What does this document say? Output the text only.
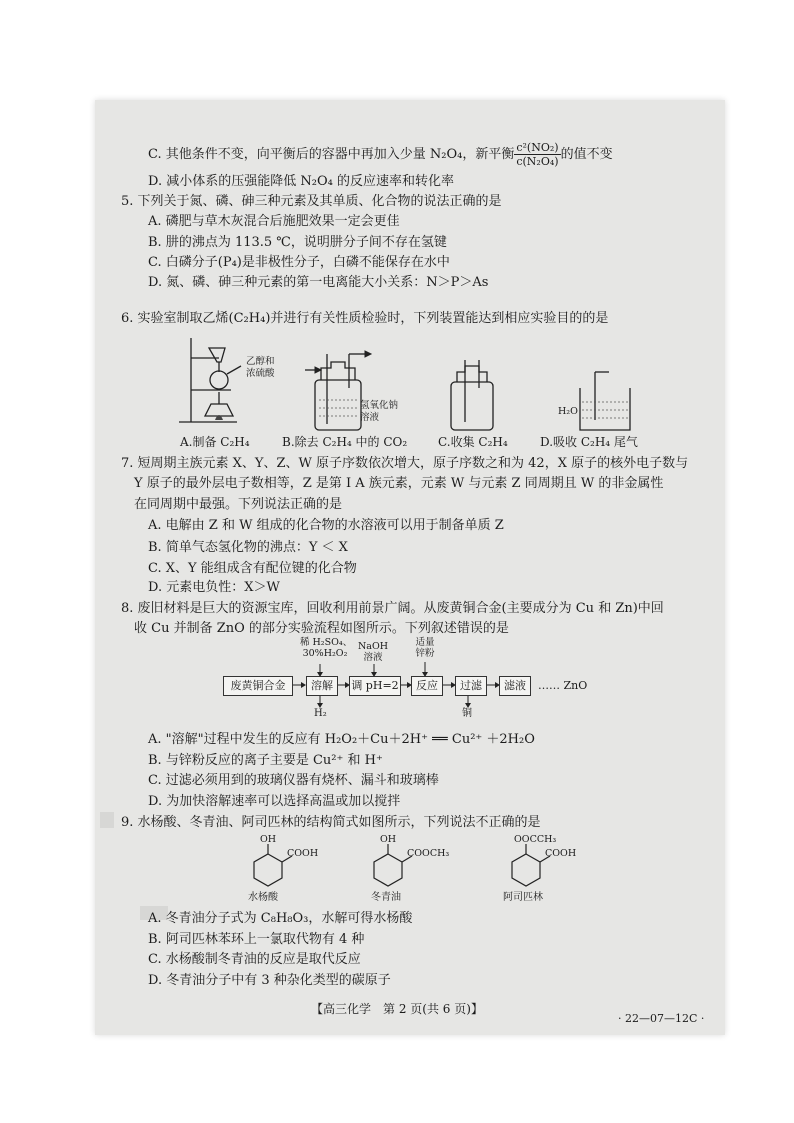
C. 其他条件不变，向平衡后的容器中再加入少量 N₂O₄，新平衡 $\frac{\text{c²(NO₂)}}{\text{c(N₂O₄)}}$ 的值不变
D. 减小体系的压强能降低 N₂O₄ 的反应速率和转化率
5. 下列关于氮、磷、砷三种元素及其单质、化合物的说法正确的是
A. 磷肥与草木灰混合后施肥效果一定会更佳
B. 肼的沸点为 113.5 ℃，说明肼分子间不存在氢键
C. 白磷分子(P₄)是非极性分子，白磷不能保存在水中
D. 氮、磷、砷三种元素的第一电离能大小关系：N＞P＞As
6. 实验室制取乙烯(C₂H₄)并进行有关性质检验时，下列装置能达到相应实验目的的是
乙醇和
浓硫酸
氢氧化钠
溶液
H₂O
A.制备 C₂H₄	B.除去 C₂H₄ 中的 CO₂	C.收集 C₂H₄	D.吸收 C₂H₄ 尾气
7. 短周期主族元素 X、Y、Z、W 原子序数依次增大，原子序数之和为 42，X 原子的核外电子数与
Y 原子的最外层电子数相等，Z 是第 Ⅰ A 族元素，元素 W 与元素 Z 同周期且 W 的非金属性
在同周期中最强。下列说法正确的是
A. 电解由 Z 和 W 组成的化合物的水溶液可以用于制备单质 Z
B. 简单气态氢化物的沸点：Y ＜ X
C. X、Y 能组成含有配位键的化合物
D. 元素电负性：X＞W
8. 废旧材料是巨大的资源宝库，回收利用前景广阔。从废黄铜合金(主要成分为 Cu 和 Zn)中回
收 Cu 并制备 ZnO 的部分实验流程如图所示。下列叙述错误的是
稀 H₂SO₄、
30%H₂O₂
NaOH
溶液
适量
锌粉
废黄铜合金	溶解	调 pH=2	反应	过滤	滤液	…… ZnO
H₂	铜
A. "溶解"过程中发生的反应有 H₂O₂＋Cu＋2H⁺ ══ Cu²⁺ ＋2H₂O
B. 与锌粉反应的离子主要是 Cu²⁺ 和 H⁺
C. 过滤必须用到的玻璃仪器有烧杯、漏斗和玻璃棒
D. 为加快溶解速率可以选择高温或加以搅拌
9. 水杨酸、冬青油、阿司匹林的结构简式如图所示，下列说法不正确的是
OH
COOH
OH
COOCH₃
OOCCH₃
COOH
水杨酸	冬青油	阿司匹林
A. 冬青油分子式为 C₈H₈O₃，水解可得水杨酸
B. 阿司匹林苯环上一氯取代物有 4 种
C. 水杨酸制冬青油的反应是取代反应
D. 冬青油分子中有 3 种杂化类型的碳原子
【高三化学　第 2 页(共 6 页)】
· 22—07—12C ·
